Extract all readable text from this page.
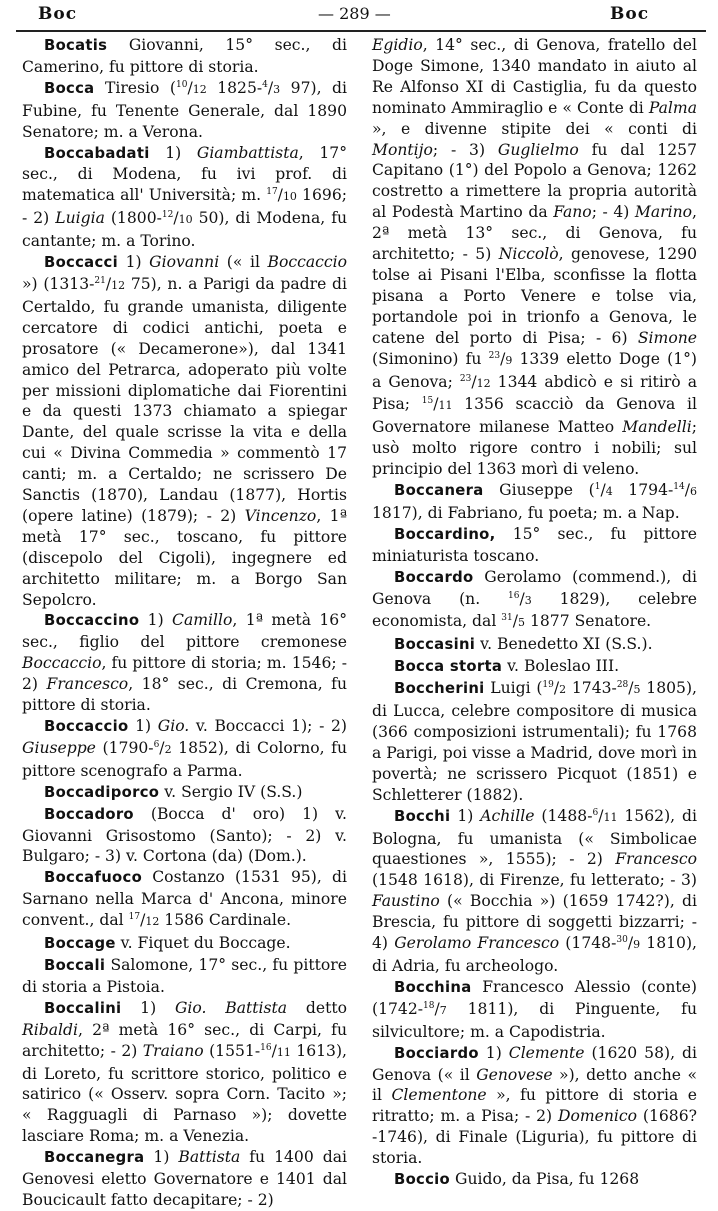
Boc	— 289 —	Boc

Bocatis Giovanni, 15° sec., di Camerino, fu pittore di storia.

Bocca Tiresio ($^{10}$/12 1825-$^4$/3 97), di Fubine, fu Tenente Generale, dal 1890 Senatore; m. a Verona.

Boccabadati 1) Giambattista, 17° sec., di Modena, fu ivi prof. di matematica all' Università; m. $^{17}$/10 1696; - 2) Luigia (1800-$^{12}$/10 50), di Modena, fu cantante; m. a Torino.

Boccacci 1) Giovanni (« il Boccaccio ») (1313-$^{21}$/12 75), n. a Parigi da padre di Certaldo, fu grande umanista, diligente cercatore di codici antichi, poeta e prosatore (« Decamerone»), dal 1341 amico del Petrarca, adoperato più volte per missioni diplomatiche dai Fiorentini e da questi 1373 chiamato a spiegar Dante, del quale scrisse la vita e della cui « Divina Commedia » commentò 17 canti; m. a Certaldo; ne scrissero De Sanctis (1870), Landau (1877), Hortis (opere latine) (1879); - 2) Vincenzo, 1ª metà 17° sec., toscano, fu pittore (discepolo del Cigoli), ingegnere ed architetto militare; m. a Borgo San Sepolcro.

Boccaccino 1) Camillo, 1ª metà 16° sec., figlio del pittore cremonese Boccaccio, fu pittore di storia; m. 1546; - 2) Francesco, 18° sec., di Cremona, fu pittore di storia.

Boccaccio 1) Gio. v. Boccacci 1); - 2) Giuseppe (1790-$^6$/2 1852), di Colorno, fu pittore scenografo a Parma.

Boccadiporco v. Sergio IV (S.S.)

Boccadoro (Bocca d' oro) 1) v. Giovanni Grisostomo (Santo); - 2) v. Bulgaro; - 3) v. Cortona (da) (Dom.).

Boccafuoco Costanzo (1531 95), di Sarnano nella Marca d' Ancona, minore convent., dal $^{17}$/12 1586 Cardinale.

Boccage v. Fiquet du Boccage.

Boccali Salomone, 17° sec., fu pittore di storia a Pistoia.

Boccalini 1) Gio. Battista detto Ribaldi, 2ª metà 16° sec., di Carpi, fu architetto; - 2) Traiano (1551-$^{16}$/11 1613), di Loreto, fu scrittore storico, politico e satirico (« Osserv. sopra Corn. Tacito »; « Ragguagli di Parnaso »); dovette lasciare Roma; m. a Venezia.

Boccanegra 1) Battista fu 1400 dai Genovesi eletto Governatore e 1401 dal Boucicault fatto decapitare; - 2)

Egidio, 14° sec., di Genova, fratello del Doge Simone, 1340 mandato in aiuto al Re Alfonso XI di Castiglia, fu da questo nominato Ammiraglio e « Conte di Palma », e divenne stipite dei « conti di Montijo; - 3) Guglielmo fu dal 1257 Capitano (1°) del Popolo a Genova; 1262 costretto a rimettere la propria autorità al Podestà Martino da Fano; - 4) Marino, 2ª metà 13° sec., di Genova, fu architetto; - 5) Niccolò, genovese, 1290 tolse ai Pisani l'Elba, sconfisse la flotta pisana a Porto Venere e tolse via, portandole poi in trionfo a Genova, le catene del porto di Pisa; - 6) Simone (Simonino) fu $^{23}$/9 1339 eletto Doge (1°) a Genova; $^{23}$/12 1344 abdicò e si ritirò a Pisa; $^{15}$/11 1356 scacciò da Genova il Governatore milanese Matteo Mandelli; usò molto rigore contro i nobili; sul principio del 1363 morì di veleno.

Boccanera Giuseppe ($^1$/4 1794-$^{14}$/6 1817), di Fabriano, fu poeta; m. a Nap.

Boccardino, 15° sec., fu pittore miniaturista toscano.

Boccardo Gerolamo (commend.), di Genova (n. $^{16}$/3 1829), celebre economista, dal $^{31}$/5 1877 Senatore.

Boccasini v. Benedetto XI (S.S.).

Bocca storta v. Boleslao III.

Boccherini Luigi ($^{19}$/2 1743-$^{28}$/5 1805), di Lucca, celebre compositore di musica (366 composizioni istrumentali); fu 1768 a Parigi, poi visse a Madrid, dove morì in povertà; ne scrissero Picquot (1851) e Schletterer (1882).

Bocchi 1) Achille (1488-$^6$/11 1562), di Bologna, fu umanista (« Simbolicae quaestiones », 1555); - 2) Francesco (1548 1618), di Firenze, fu letterato; - 3) Faustino (« Bocchia ») (1659 1742?), di Brescia, fu pittore di soggetti bizzarri; - 4) Gerolamo Francesco (1748-$^{30}$/9 1810), di Adria, fu archeologo.

Bocchina Francesco Alessio (conte) (1742-$^{18}$/7 1811), di Pinguente, fu silvicultore; m. a Capodistria.

Bocciardo 1) Clemente (1620 58), di Genova (« il Genovese »), detto anche « il Clementone », fu pittore di storia e ritratto; m. a Pisa; - 2) Domenico (1686?-1746), di Finale (Liguria), fu pittore di storia.

Boccio Guido, da Pisa, fu 1268
